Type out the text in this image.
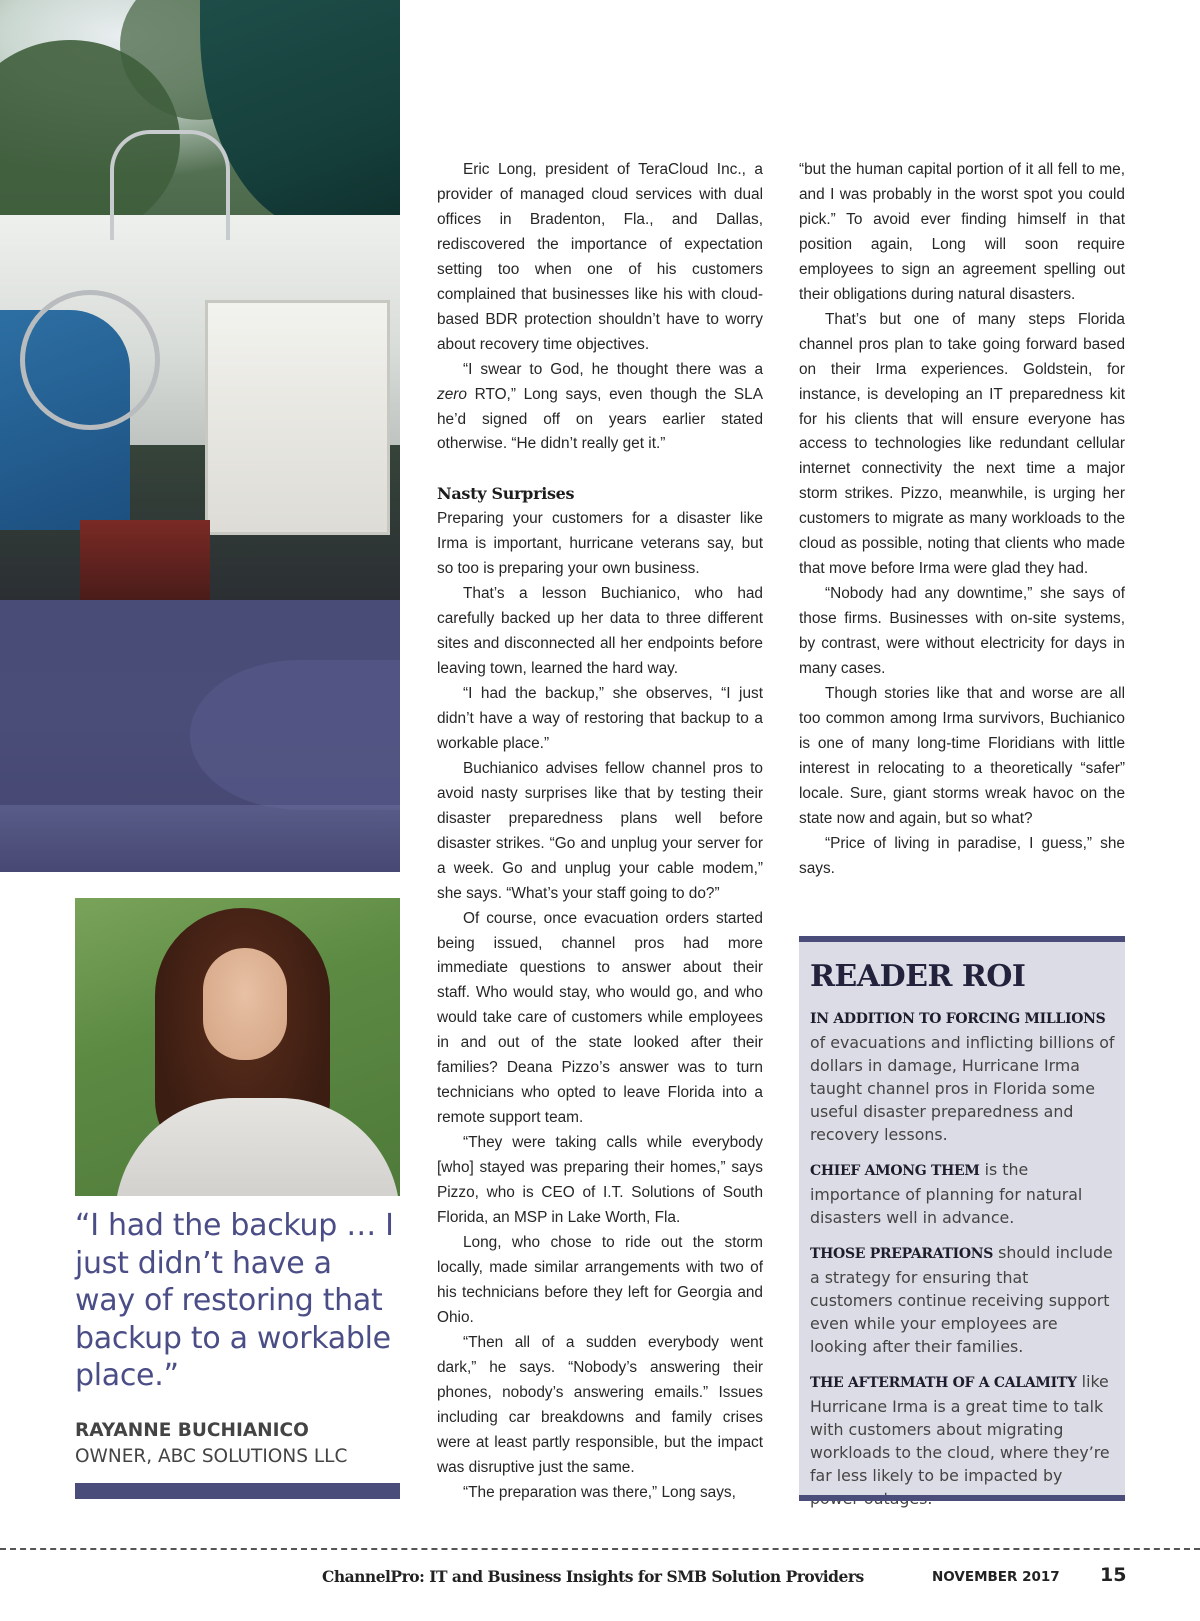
“I had the backup … I just didn’t have a way of restoring that backup to a workable place.”
RAYANNE BUCHIANICO
OWNER, ABC SOLUTIONS LLC

Eric Long, president of TeraCloud Inc., a provider of managed cloud services with dual offices in Bradenton, Fla., and Dallas, rediscovered the importance of expectation setting too when one of his customers complained that businesses like his with cloud-based BDR protection shouldn’t have to worry about recovery time objectives.

“I swear to God, he thought there was a zero RTO,” Long says, even though the SLA he’d signed off on years earlier stated otherwise. “He didn’t really get it.”

Nasty Surprises

Preparing your customers for a disaster like Irma is important, hurricane veterans say, but so too is preparing your own business.

That’s a lesson Buchianico, who had carefully backed up her data to three different sites and disconnected all her endpoints before leaving town, learned the hard way.

“I had the backup,” she observes, “I just didn’t have a way of restoring that backup to a workable place.”

Buchianico advises fellow channel pros to avoid nasty surprises like that by testing their disaster preparedness plans well before disaster strikes. “Go and unplug your server for a week. Go and unplug your cable modem,” she says. “What’s your staff going to do?”

Of course, once evacuation orders started being issued, channel pros had more immediate questions to answer about their staff. Who would stay, who would go, and who would take care of customers while employees in and out of the state looked after their families? Deana Pizzo’s answer was to turn technicians who opted to leave Florida into a remote support team.

“They were taking calls while everybody [who] stayed was preparing their homes,” says Pizzo, who is CEO of I.T. Solutions of South Florida, an MSP in Lake Worth, Fla.

Long, who chose to ride out the storm locally, made similar arrangements with two of his technicians before they left for Georgia and Ohio.

“Then all of a sudden everybody went dark,” he says. “Nobody’s answering their phones, nobody’s answering emails.” Issues including car breakdowns and family crises were at least partly responsible, but the impact was disruptive just the same.

“The preparation was there,” Long says,

“but the human capital portion of it all fell to me, and I was probably in the worst spot you could pick.” To avoid ever finding himself in that position again, Long will soon require employees to sign an agreement spelling out their obligations during natural disasters.

That’s but one of many steps Florida channel pros plan to take going forward based on their Irma experiences. Goldstein, for instance, is developing an IT preparedness kit for his clients that will ensure everyone has access to technologies like redundant cellular internet connectivity the next time a major storm strikes. Pizzo, meanwhile, is urging her customers to migrate as many workloads to the cloud as possible, noting that clients who made that move before Irma were glad they had.

“Nobody had any downtime,” she says of those firms. Businesses with on-site systems, by contrast, were without electricity for days in many cases.

Though stories like that and worse are all too common among Irma survivors, Buchianico is one of many long-time Floridians with little interest in relocating to a theoretically “safer” locale. Sure, giant storms wreak havoc on the state now and again, but so what?

“Price of living in paradise, I guess,” she says.

READER ROI
IN ADDITION TO FORCING MILLIONS of evacuations and inflicting billions of dollars in damage, Hurricane Irma taught channel pros in Florida some useful disaster preparedness and recovery lessons.
CHIEF AMONG THEM is the importance of planning for natural disasters well in advance.
THOSE PREPARATIONS should include a strategy for ensuring that customers continue receiving support even while your employees are looking after their families.
THE AFTERMATH OF A CALAMITY like Hurricane Irma is a great time to talk with customers about migrating workloads to the cloud, where they’re far less likely to be impacted by
ChannelPro: IT and Business Insights for SMB Solution Providers	NOVEMBER 2017 15
